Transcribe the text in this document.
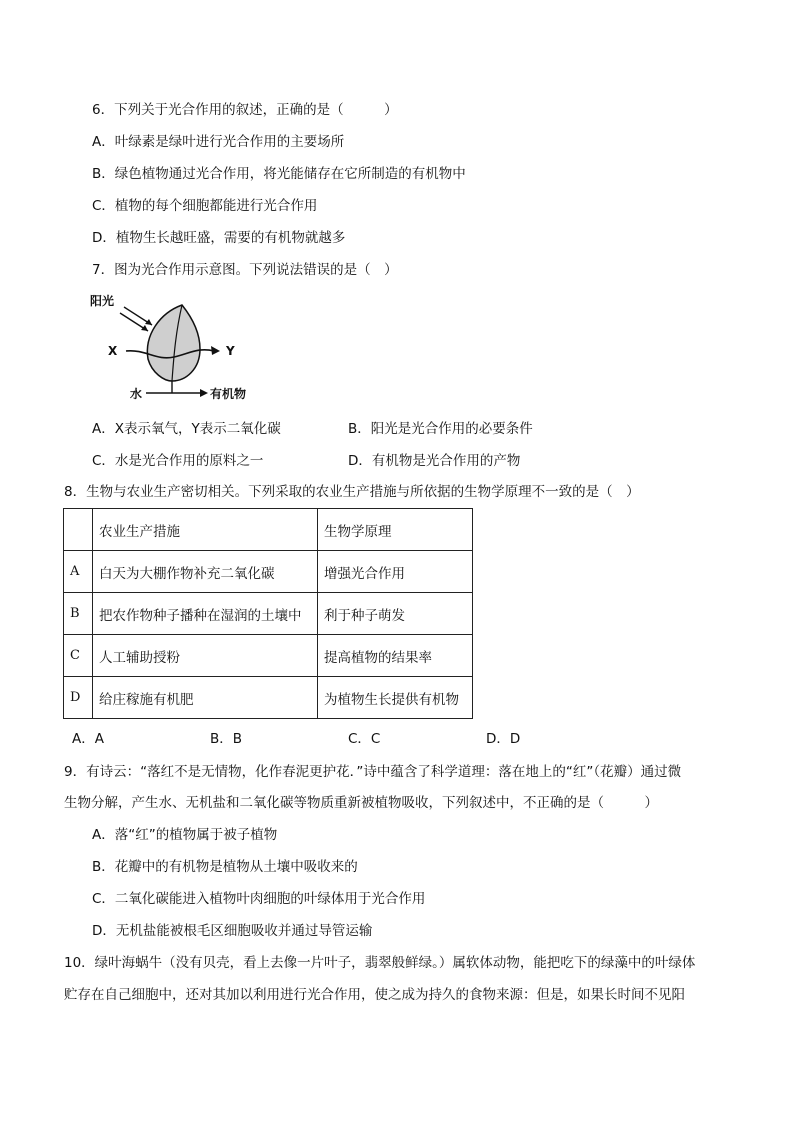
6．下列关于光合作用的叙述，正确的是（　　　）
A．叶绿素是绿叶进行光合作用的主要场所
B．绿色植物通过光合作用，将光能储存在它所制造的有机物中
C．植物的每个细胞都能进行光合作用
D．植物生长越旺盛，需要的有机物就越多
7．图为光合作用示意图。下列说法错误的是（　）
阳光
X	Y
水	有机物
A．X表示氧气，Y表示二氧化碳	B．阳光是光合作用的必要条件
C．水是光合作用的原料之一	D．有机物是光合作用的产物
8．生物与农业生产密切相关。下列采取的农业生产措施与所依据的生物学原理不一致的是（　）
	农业生产措施	生物学原理
A	白天为大棚作物补充二氧化碳	增强光合作用
B	把农作物种子播种在湿润的土壤中	利于种子萌发
C	人工辅助授粉	提高植物的结果率
D	给庄稼施有机肥	为植物生长提供有机物
A．A	B．B	C．C	D．D
9．有诗云：“落红不是无情物，化作春泥更护花．”诗中蕴含了科学道理：落在地上的“红”（花瓣）通过微
生物分解，产生水、无机盐和二氧化碳等物质重新被植物吸收，下列叙述中，不正确的是（　　　）
A．落“红”的植物属于被子植物
B．花瓣中的有机物是植物从土壤中吸收来的
C．二氧化碳能进入植物叶肉细胞的叶绿体用于光合作用
D．无机盐能被根毛区细胞吸收并通过导管运输
10．绿叶海蜗牛（没有贝壳，看上去像一片叶子，翡翠般鲜绿。）属软体动物，能把吃下的绿藻中的叶绿体
贮存在自己细胞中，还对其加以利用进行光合作用，使之成为持久的食物来源：但是，如果长时间不见阳
